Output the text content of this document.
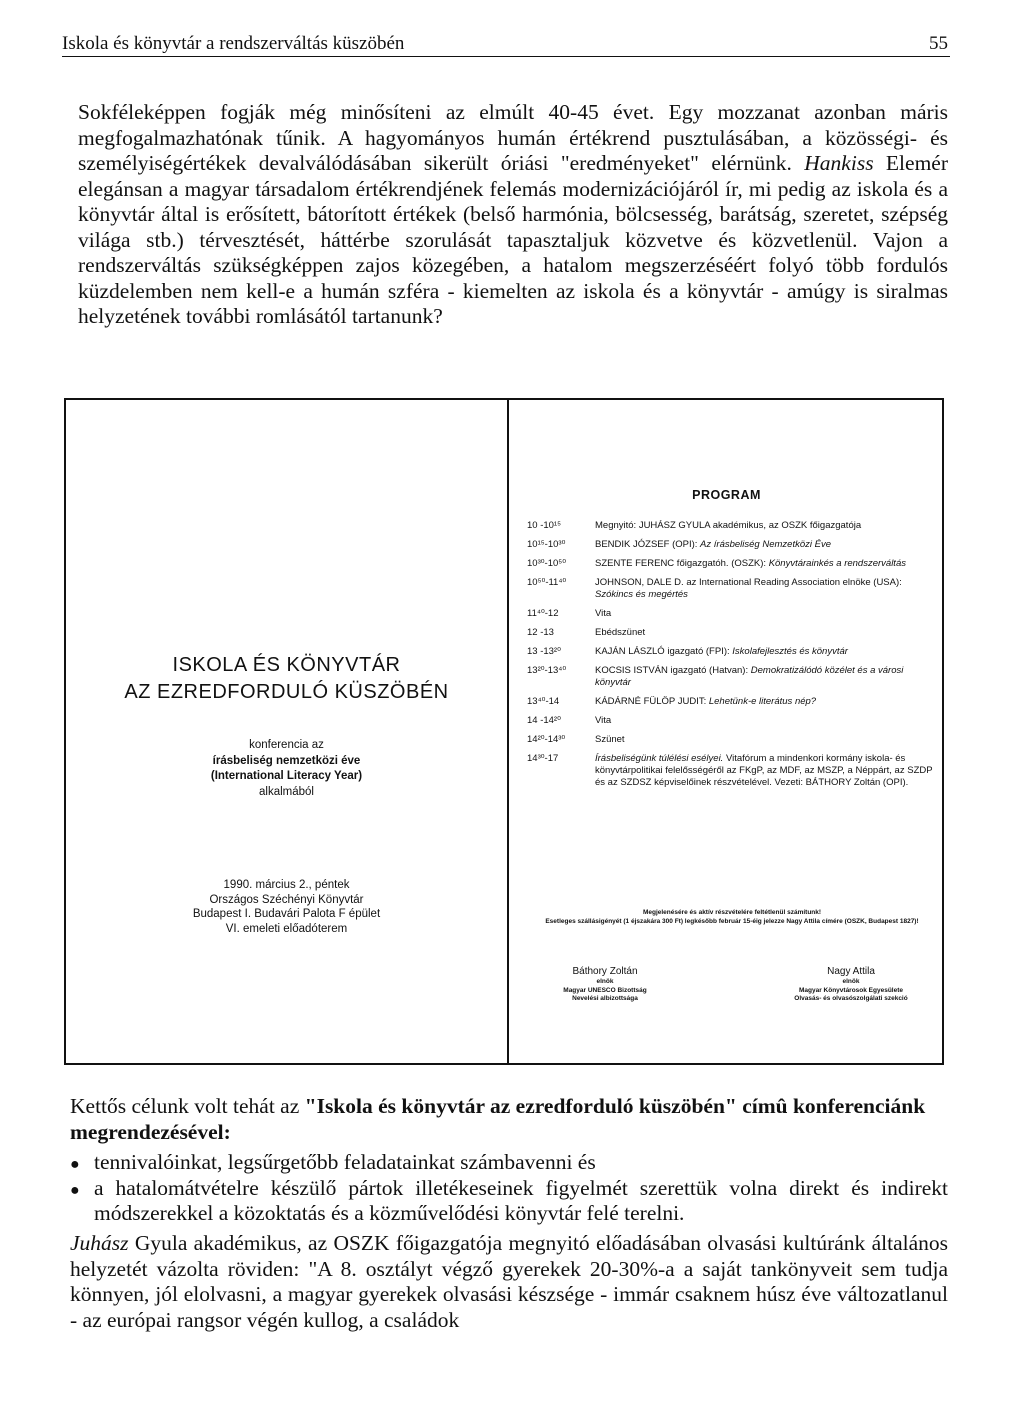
Iskola és könyvtár a rendszerváltás küszöbén	55

Sokféleképpen fogják még minősíteni az elmúlt 40-45 évet. Egy mozzanat azonban máris megfogalmazhatónak tűnik. A hagyományos humán értékrend pusztulásában, a közösségi- és személyiségértékek devalválódásában sikerült óriási "eredményeket" elérnünk. Hankiss Elemér elegánsan a magyar társadalom értékrendjének felemás modernizációjáról ír, mi pedig az iskola és a könyvtár által is erősített, bátorított értékek (belső harmónia, bölcsesség, barátság, szeretet, szépség világa stb.) térvesztését, háttérbe szorulását tapasztaljuk közvetve és közvetlenül. Vajon a rendszerváltás szükségképpen zajos közegében, a hatalom megszerzéséért folyó több fordulós küzdelemben nem kell-e a humán szféra - kiemelten az iskola és a könyvtár - amúgy is siralmas helyzetének további romlásától tartanunk?

ISKOLA ÉS KÖNYVTÁR
AZ EZREDFORDULÓ KÜSZÖBÉN
konferencia az
írásbeliség nemzetközi éve
(International Literacy Year)
alkalmából
1990. március 2., péntek
Országos Széchényi Könyvtár
Budapest I. Budavári Palota F épület
VI. emeleti előadóterem
PROGRAM
10 -10¹⁵	Megnyitó: JUHÁSZ GYULA akadémikus, az OSZK főigazgatója
10¹⁵-10³⁰	BENDIK JÓZSEF (OPI): Az írásbeliség Nemzetközi Éve
10³⁰-10⁵⁰	SZENTE FERENC főigazgatóh. (OSZK): Könyvtárainkés a rendszerváltás
10⁵⁰-11⁴⁰	JOHNSON, DALE D. az International Reading Association elnöke (USA): Szókincs és megértés
11⁴⁰-12	Vita
12 -13	Ebédszünet
13 -13²⁰	KAJÁN LÁSZLÓ igazgató (FPI): Iskolafejlesztés és könyvtár
13²⁰-13⁴⁰	KOCSIS ISTVÁN igazgató (Hatvan): Demokratizálódó közélet és a városi könyvtár
13⁴⁰-14	KÁDÁRNÉ FÜLÖP JUDIT: Lehetünk-e literátus nép?
14 -14²⁰	Vita
14²⁰-14³⁰	Szünet
14³⁰-17	Írásbeliségünk túlélési esélyei. Vitafórum a mindenkori kormány iskola- és könyvtárpolitikai felelősségéről az FKgP, az MDF, az MSZP, a Néppárt, az SZDP és az SZDSZ képviselőinek részvételével. Vezeti: BÁTHORY Zoltán (OPI).
Megjelenésére és aktív részvételére feltétlenül számítunk!
Esetleges szállásigényét (1 éjszakára 300 Ft) legkésőbb február 15-éig jelezze Nagy Attila címére (OSZK, Budapest 1827)!
Báthory Zoltán
elnök
Magyar UNESCO Bizottság
Nevelési albizottsága
Nagy Attila
elnök
Magyar Könyvtárosok Egyesülete
Olvasás- és olvasószolgálati szekció

Kettős célunk volt tehát az "Iskola és könyvtár az ezredforduló küszöbén" címû konferenciánk megrendezésével:

● tennivalóinkat, legsűrgetőbb feladatainkat számbavenni és
● a hatalomátvételre készülő pártok illetékeseinek figyelmét szerettük volna direkt és indirekt módszerekkel a közoktatás és a közművelődési könyvtár felé terelni.

Juhász Gyula akadémikus, az OSZK főigazgatója megnyitó előadásában olvasási kultúránk általános helyzetét vázolta röviden: "A 8. osztályt végző gyerekek 20-30%-a a saját tankönyveit sem tudja könnyen, jól elolvasni, a magyar gyerekek olvasási készsége - immár csaknem húsz éve változatlanul - az európai rangsor végén kullog, a családok
